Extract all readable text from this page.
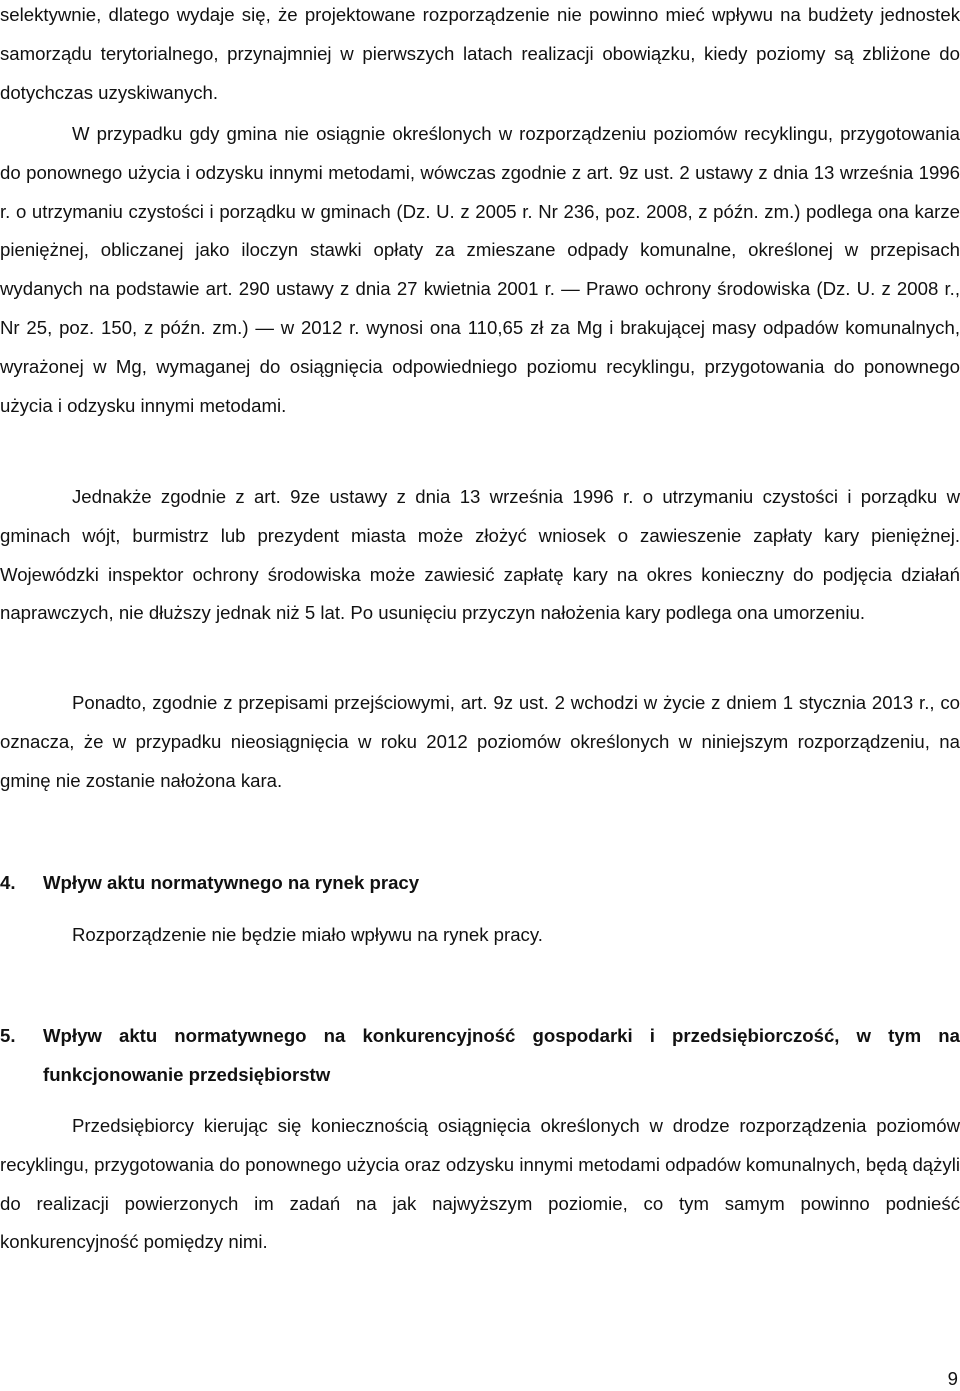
selektywnie, dlatego wydaje się, że projektowane rozporządzenie nie powinno mieć wpływu na budżety jednostek samorządu terytorialnego, przynajmniej w pierwszych latach realizacji obowiązku, kiedy poziomy są zbliżone do dotychczas uzyskiwanych.

W przypadku gdy gmina nie osiągnie określonych w rozporządzeniu poziomów recyklingu, przygotowania do ponownego użycia i odzysku innymi metodami, wówczas zgodnie z art. 9z ust. 2 ustawy z dnia 13 września 1996 r. o utrzymaniu czystości i porządku w gminach (Dz. U. z 2005 r. Nr 236, poz. 2008, z późn. zm.) podlega ona karze pieniężnej, obliczanej jako iloczyn stawki opłaty za zmieszane odpady komunalne, określonej w przepisach wydanych na podstawie art. 290 ustawy z dnia 27 kwietnia 2001 r. — Prawo ochrony środowiska (Dz. U. z 2008 r., Nr 25, poz. 150, z późn. zm.) — w 2012 r. wynosi ona 110,65 zł za Mg i brakującej masy odpadów komunalnych, wyrażonej w Mg, wymaganej do osiągnięcia odpowiedniego poziomu recyklingu, przygotowania do ponownego użycia i odzysku innymi metodami.

Jednakże zgodnie z art. 9ze ustawy z dnia 13 września 1996 r. o utrzymaniu czystości i porządku w gminach wójt, burmistrz lub prezydent miasta może złożyć wniosek o zawieszenie zapłaty kary pieniężnej. Wojewódzki inspektor ochrony środowiska może zawiesić zapłatę kary na okres konieczny do podjęcia działań naprawczych, nie dłuższy jednak niż 5 lat. Po usunięciu przyczyn nałożenia kary podlega ona umorzeniu.

Ponadto, zgodnie z przepisami przejściowymi, art. 9z ust. 2 wchodzi w życie z dniem 1 stycznia 2013 r., co oznacza, że w przypadku nieosiągnięcia w roku 2012 poziomów określonych w niniejszym rozporządzeniu, na gminę nie zostanie nałożona kara.

4.	Wpływ aktu normatywnego na rynek pracy
Rozporządzenie nie będzie miało wpływu na rynek pracy.
5.	Wpływ aktu normatywnego na konkurencyjność gospodarki i przedsiębiorczość, w tym na funkcjonowanie przedsiębiorstw

Przedsiębiorcy kierując się koniecznością osiągnięcia określonych w drodze rozporządzenia poziomów recyklingu, przygotowania do ponownego użycia oraz odzysku innymi metodami odpadów komunalnych, będą dążyli do realizacji powierzonych im zadań na jak najwyższym poziomie, co tym samym powinno podnieść konkurencyjność pomiędzy nimi.

9
